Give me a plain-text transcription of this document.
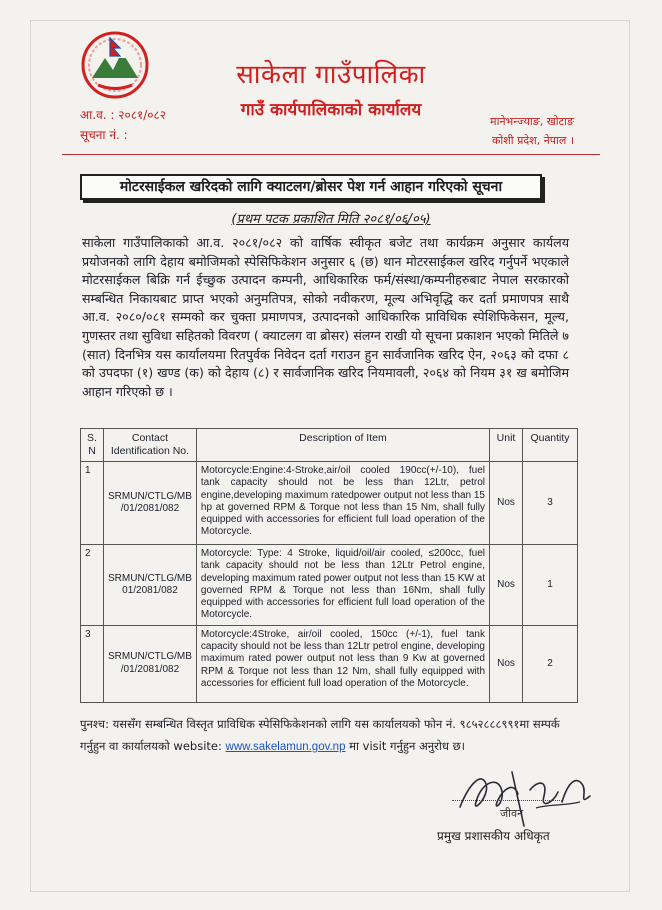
साकेला गाउँपालिका
गाउँ कार्यपालिकाको कार्यालय
आ.व. : २०८१/०८२
सूचना नं. :
मानेभन्ज्याङ, खोटाङ
कोशी प्रदेश, नेपाल ।
मोटरसाईकल खरिदको लागि क्याटलग/ब्रोसर पेश गर्न आहान गरिएको सूचना
(प्रथम पटक प्रकाशित मिति २०८१/०६/०५)
साकेला गाउँपालिकाको आ.व. २०८१/०८२ को वार्षिक स्वीकृत बजेट तथा कार्यक्रम अनुसार कार्यलय प्रयोजनको लागि देहाय बमोजिमको स्पेसिफिकेशन अनुसार ६ (छ) थान मोटरसाईकल खरिद गर्नुपर्ने भएकाले मोटरसाईकल बिक्रि गर्न ईच्छुक उत्पादन कम्पनी, आधिकारिक फर्म/संस्था/कम्पनीहरुबाट नेपाल सरकारको सम्बन्धित निकायबाट प्राप्त भएको अनुमतिपत्र, सोको नवीकरण, मूल्य अभिवृद्धि कर दर्ता प्रमाणपत्र साथै आ.व. २०८०/०८१ सम्मको कर चुक्ता प्रमाणपत्र, उत्पादनको आधिकारिक प्राविधिक स्पेशिफिकेसन, मूल्य, गुणस्तर तथा सुविधा सहितको विवरण ( क्याटलग वा ब्रोसर) संलग्न राखी यो सूचना प्रकाशन भएको मितिले ७ (सात) दिनभित्र यस कार्यालयमा रितपुर्वक निवेदन दर्ता गराउन हुन सार्वजानिक खरिद ऐन, २०६३ को दफा ८ को उपदफा (१) खण्ड (क) को देहाय (८) र सार्वजानिक खरिद नियमावली, २०६४ को नियम ३१ ख बमोजिम आहान गरिएको छ ।
S. N	Contact Identification No.	Description of Item	Unit	Quantity
1	SRMUN/CTLG/MB /01/2081/082	Motorcycle:Engine:4-Stroke,air/oil cooled 190cc(+/-10), fuel tank capacity should not be less than 12Ltr, petrol engine,developing maximum ratedpower output not less than 15 hp at governed RPM & Torque not less than 15 Nm, shall fully equipped with accessories for efficient full load operation of the Motorcycle.	Nos	3
2	SRMUN/CTLG/MB 01/2081/082	Motorcycle: Type: 4 Stroke, liquid/oil/air cooled, ≤200cc, fuel tank capacity should not be less than 12Ltr Petrol engine, developing maximum rated power output not less than 15 KW at governed RPM & Torque not less than 16Nm, shall fully equipped with accessories for efficient full load operation of the Motorcycle.	Nos	1
3	SRMUN/CTLG/MB /01/2081/082	Motorcycle:4Stroke, air/oil cooled, 150cc (+/-1), fuel tank capacity should not be less than 12Ltr petrol engine, developing maximum rated power output not less than 9 Kw at governed RPM & Torque not less than 12 Nm, shall fully equipped with accessories for efficient full load operation of the Motorcycle.	Nos	2
पुनश्च: यससँग सम्बन्धित विस्तृत प्राविधिक स्पेसिफिकेशनको लागि यस कार्यालयको फोन नं. ९८५२८८८९९१मा सम्पर्क गर्नुहुन वा कार्यालयको website: www.sakelamun.gov.np मा visit गर्नुहुन अनुरोध छ।
जीवन
प्रमुख प्रशासकीय अधिकृत
